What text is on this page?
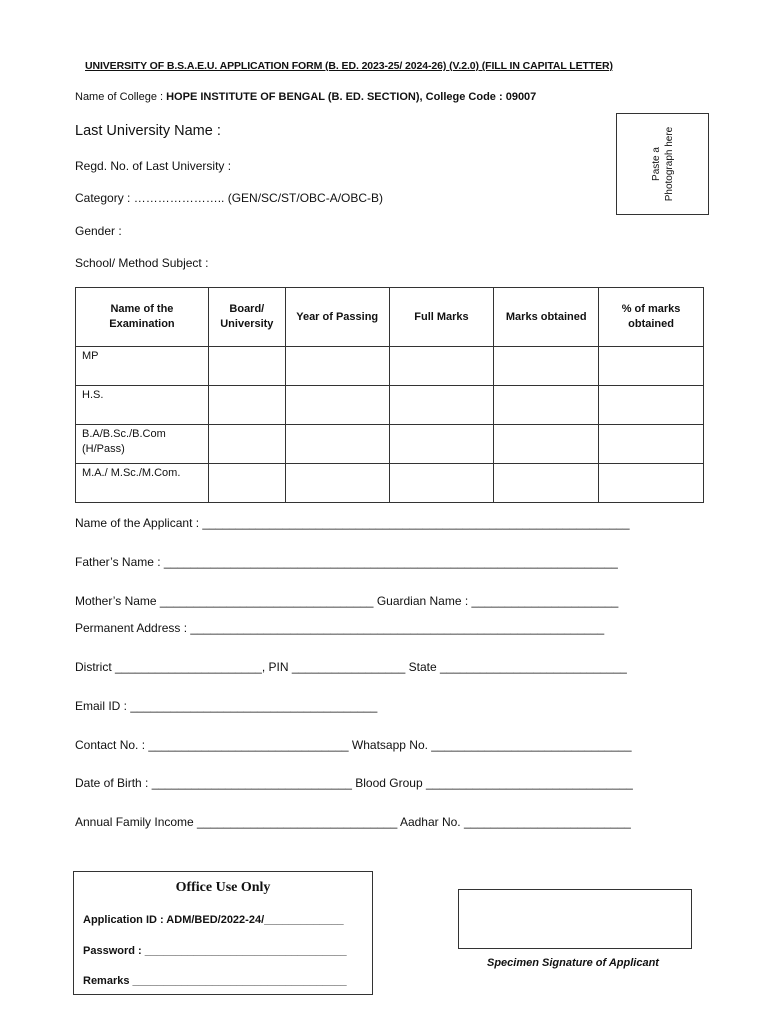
UNIVERSITY OF B.S.A.E.U. APPLICATION FORM (B. ED. 2023-25/ 2024-26) (V.2.0) (FILL IN CAPITAL LETTER)
Name of College : HOPE INSTITUTE OF BENGAL (B. ED. SECTION), College Code : 09007
Last University Name :
Regd. No. of Last University :
Category : ………………….. (GEN/SC/ST/OBC-A/OBC-B)
Gender :
School/ Method Subject :
Paste a Photograph here
Name of the Examination	Board/ University	Year of Passing	Full Marks	Marks obtained	% of marks obtained
MP					
H.S.					
B.A/B.Sc./B.Com (H/Pass)					
M.A./ M.Sc./M.Com.					
Name of the Applicant : ________________________________________________________________
Father’s Name : ____________________________________________________________________
Mother’s Name ________________________________ Guardian Name : ______________________
Permanent Address : ______________________________________________________________
District ______________________, PIN _________________ State ____________________________
Email ID : _____________________________________
Contact No. : ______________________________ Whatsapp No. ______________________________
Date of Birth : ______________________________ Blood Group _______________________________
Annual Family Income ______________________________ Aadhar No. _________________________
Office Use Only
Application ID : ADM/BED/2022-24/_____________
Password : _________________________________
Remarks ___________________________________
Specimen Signature of Applicant
